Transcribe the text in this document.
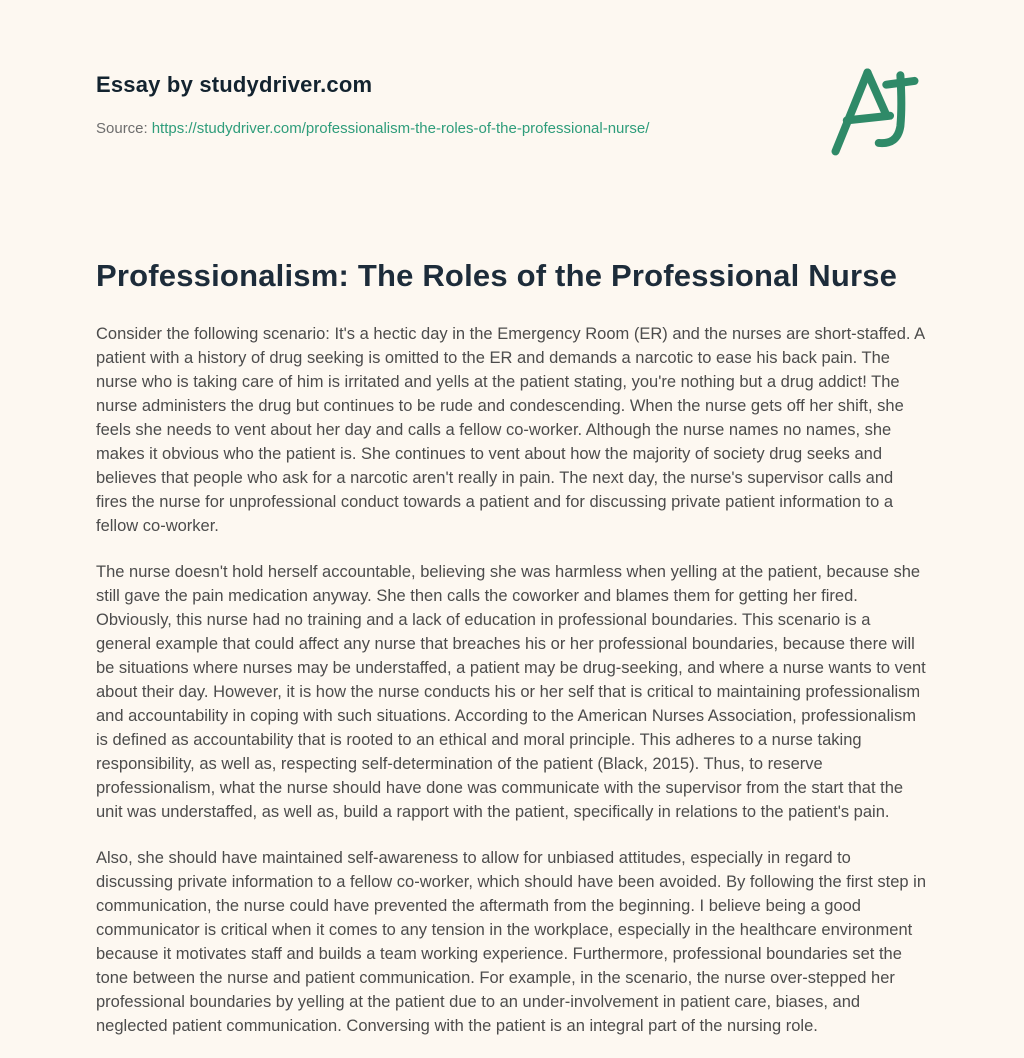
Essay by studydriver.com
Source: https://studydriver.com/professionalism-the-roles-of-the-professional-nurse/
Professionalism: The Roles of the Professional Nurse

Consider the following scenario: It's a hectic day in the Emergency Room (ER) and the nurses are short-staffed. A patient with a history of drug seeking is omitted to the ER and demands a narcotic to ease his back pain. The nurse who is taking care of him is irritated and yells at the patient stating, you're nothing but a drug addict! The nurse administers the drug but continues to be rude and condescending. When the nurse gets off her shift, she feels she needs to vent about her day and calls a fellow co-worker. Although the nurse names no names, she makes it obvious who the patient is. She continues to vent about how the majority of society drug seeks and believes that people who ask for a narcotic aren't really in pain. The next day, the nurse's supervisor calls and fires the nurse for unprofessional conduct towards a patient and for discussing private patient information to a fellow co-worker.

The nurse doesn't hold herself accountable, believing she was harmless when yelling at the patient, because she still gave the pain medication anyway. She then calls the coworker and blames them for getting her fired. Obviously, this nurse had no training and a lack of education in professional boundaries. This scenario is a general example that could affect any nurse that breaches his or her professional boundaries, because there will be situations where nurses may be understaffed, a patient may be drug-seeking, and where a nurse wants to vent about their day. However, it is how the nurse conducts his or her self that is critical to maintaining professionalism and accountability in coping with such situations. According to the American Nurses Association, professionalism is defined as accountability that is rooted to an ethical and moral principle. This adheres to a nurse taking responsibility, as well as, respecting self-determination of the patient (Black, 2015). Thus, to reserve professionalism, what the nurse should have done was communicate with the supervisor from the start that the unit was understaffed, as well as, build a rapport with the patient, specifically in relations to the patient's pain.

Also, she should have maintained self-awareness to allow for unbiased attitudes, especially in regard to discussing private information to a fellow co-worker, which should have been avoided. By following the first step in communication, the nurse could have prevented the aftermath from the beginning. I believe being a good communicator is critical when it comes to any tension in the workplace, especially in the healthcare environment because it motivates staff and builds a team working experience. Furthermore, professional boundaries set the tone between the nurse and patient communication. For example, in the scenario, the nurse over-stepped her professional boundaries by yelling at the patient due to an under-involvement in patient care, biases, and neglected patient communication. Conversing with the patient is an integral part of the nursing role.
